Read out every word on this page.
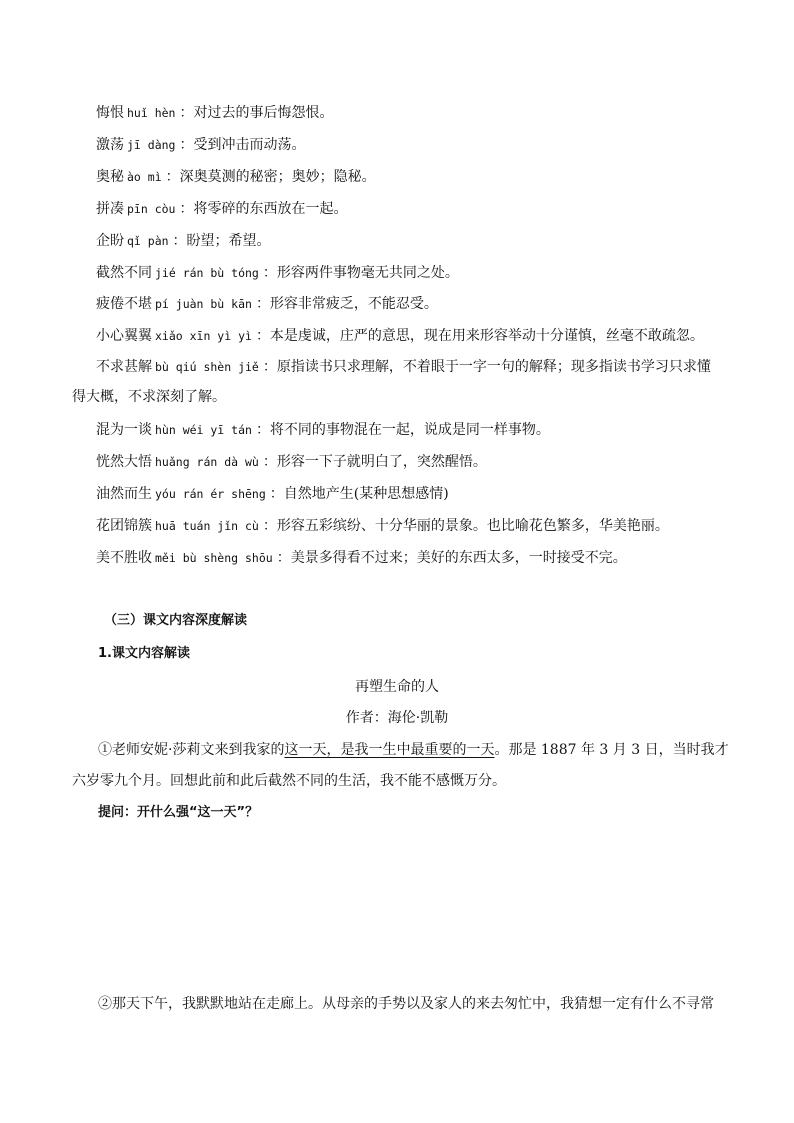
悔恨 huǐ hèn ：对过去的事后悔怨恨。
激荡 jī dàng ：受到冲击而动荡。
奥秘 ào mì ：深奥莫测的秘密；奥妙；隐秘。
拼凑 pīn còu ：将零碎的东西放在一起。
企盼 qǐ pàn ：盼望；希望。
截然不同 jié rán bù tóng ：形容两件事物毫无共同之处。
疲倦不堪 pí juàn bù kān ：形容非常疲乏，不能忍受。
小心翼翼 xiǎo xīn yì yì ：本是虔诚，庄严的意思，现在用来形容举动十分谨慎，丝毫不敢疏忽。
不求甚解 bù qiú shèn jiě ：原指读书只求理解，不着眼于一字一句的解释；现多指读书学习只求懂
混为一谈 hùn wéi yī tán ：将不同的事物混在一起，说成是同一样事物。
恍然大悟 huǎng rán dà wù ：形容一下子就明白了，突然醒悟。
油然而生 yóu rán ér shēng ：自然地产生(某种思想感情)
花团锦簇 huā tuán jǐn cù ：形容五彩缤纷、十分华丽的景象。也比喻花色繁多，华美艳丽。
美不胜收 měi bù shèng shōu ：美景多得看不过来；美好的东西太多，一时接受不完。
得大概，不求深刻了解。
（三）课文内容深度解读
1.课文内容解读
再塑生命的人
作者：海伦·凯勒
①老师安妮·莎莉文来到我家的这一天，是我一生中最重要的一天。那是 1887 年 3 月 3 日，当时我才
六岁零九个月。回想此前和此后截然不同的生活，我不能不感慨万分。
提问：开什么强“这一天”？
②那天下午，我默默地站在走廊上。从母亲的手势以及家人的来去匆忙中，我猜想一定有什么不寻常
